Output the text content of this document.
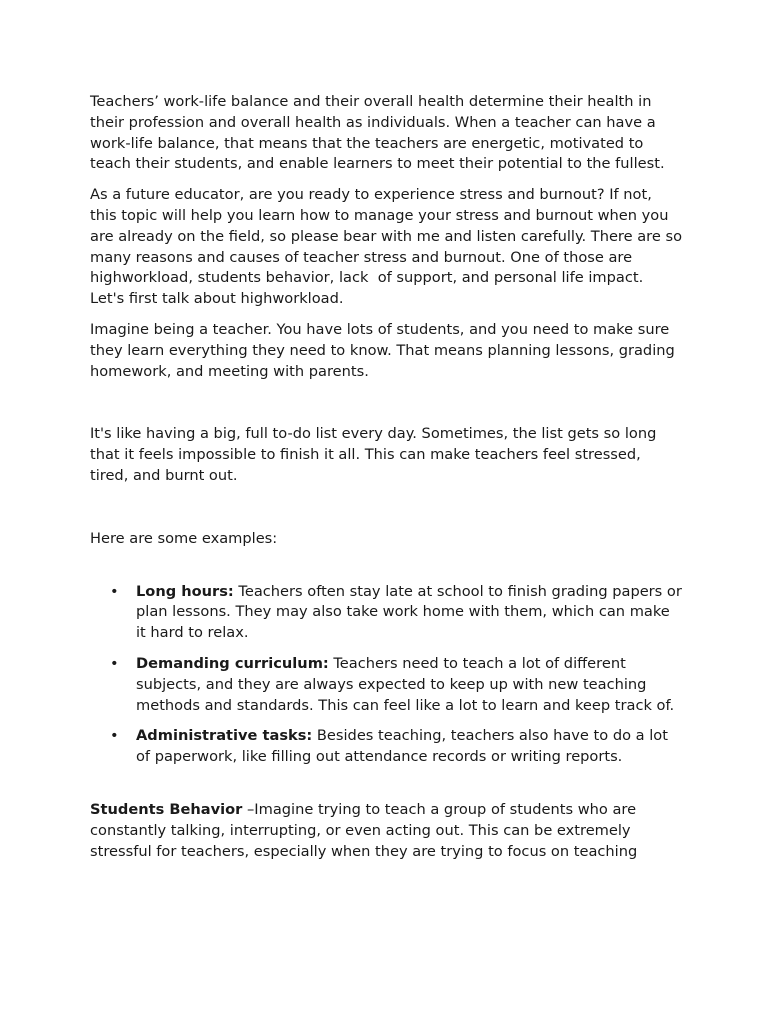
Teachers’ work-life balance and their overall health determine their health in their profession and overall health as individuals. When a teacher can have a work-life balance, that means that the teachers are energetic, motivated to teach their students, and enable learners to meet their potential to the fullest.

As a future educator, are you ready to experience stress and burnout? If not, this topic will help you learn how to manage your stress and burnout when you are already on the field, so please bear with me and listen carefully. There are so many reasons and causes of teacher stress and burnout. One of those are highworkload, students behavior, lack  of support, and personal life impact. Let's first talk about highworkload.

Imagine being a teacher. You have lots of students, and you need to make sure they learn everything they need to know. That means planning lessons, grading homework, and meeting with parents.

It's like having a big, full to-do list every day. Sometimes, the list gets so long that it feels impossible to finish it all. This can make teachers feel stressed, tired, and burnt out.

Here are some examples:

• Long hours: Teachers often stay late at school to finish grading papers or plan lessons. They may also take work home with them, which can make it hard to relax.
• Demanding curriculum: Teachers need to teach a lot of different subjects, and they are always expected to keep up with new teaching methods and standards. This can feel like a lot to learn and keep track of.
• Administrative tasks: Besides teaching, teachers also have to do a lot of paperwork, like filling out attendance records or writing reports.

Students Behavior –Imagine trying to teach a group of students who are constantly talking, interrupting, or even acting out. This can be extremely stressful for teachers, especially when they are trying to focus on teaching
